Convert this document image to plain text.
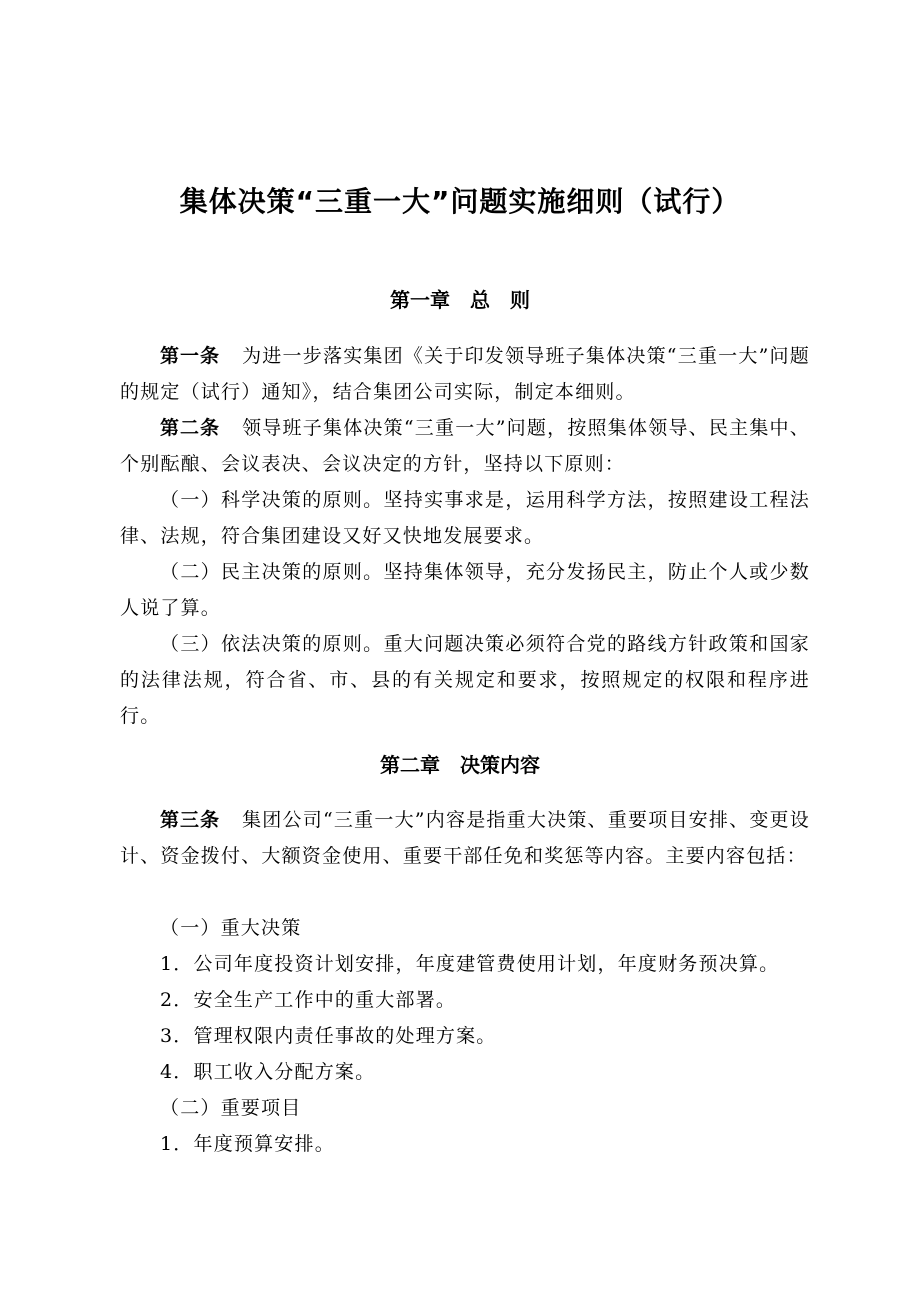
集体决策“三重一大”问题实施细则（试行）
第一章　总　则
第一条 为进一步落实集团《关于印发领导班子集体决策“三重一大”问题的规定（试行）通知》，结合集团公司实际，制定本细则。
第二条 领导班子集体决策“三重一大”问题，按照集体领导、民主集中、个别酝酿、会议表决、会议决定的方针，坚持以下原则：
（一）科学决策的原则。坚持实事求是，运用科学方法，按照建设工程法律、法规，符合集团建设又好又快地发展要求。
（二）民主决策的原则。坚持集体领导，充分发扬民主，防止个人或少数人说了算。
（三）依法决策的原则。重大问题决策必须符合党的路线方针政策和国家的法律法规，符合省、市、县的有关规定和要求，按照规定的权限和程序进行。
第二章　决策内容
第三条 集团公司“三重一大”内容是指重大决策、重要项目安排、变更设计、资金拨付、大额资金使用、重要干部任免和奖惩等内容。主要内容包括：
（一）重大决策
1．公司年度投资计划安排，年度建管费使用计划，年度财务预决算。
2．安全生产工作中的重大部署。
3．管理权限内责任事故的处理方案。
4．职工收入分配方案。
（二）重要项目
1．年度预算安排。
